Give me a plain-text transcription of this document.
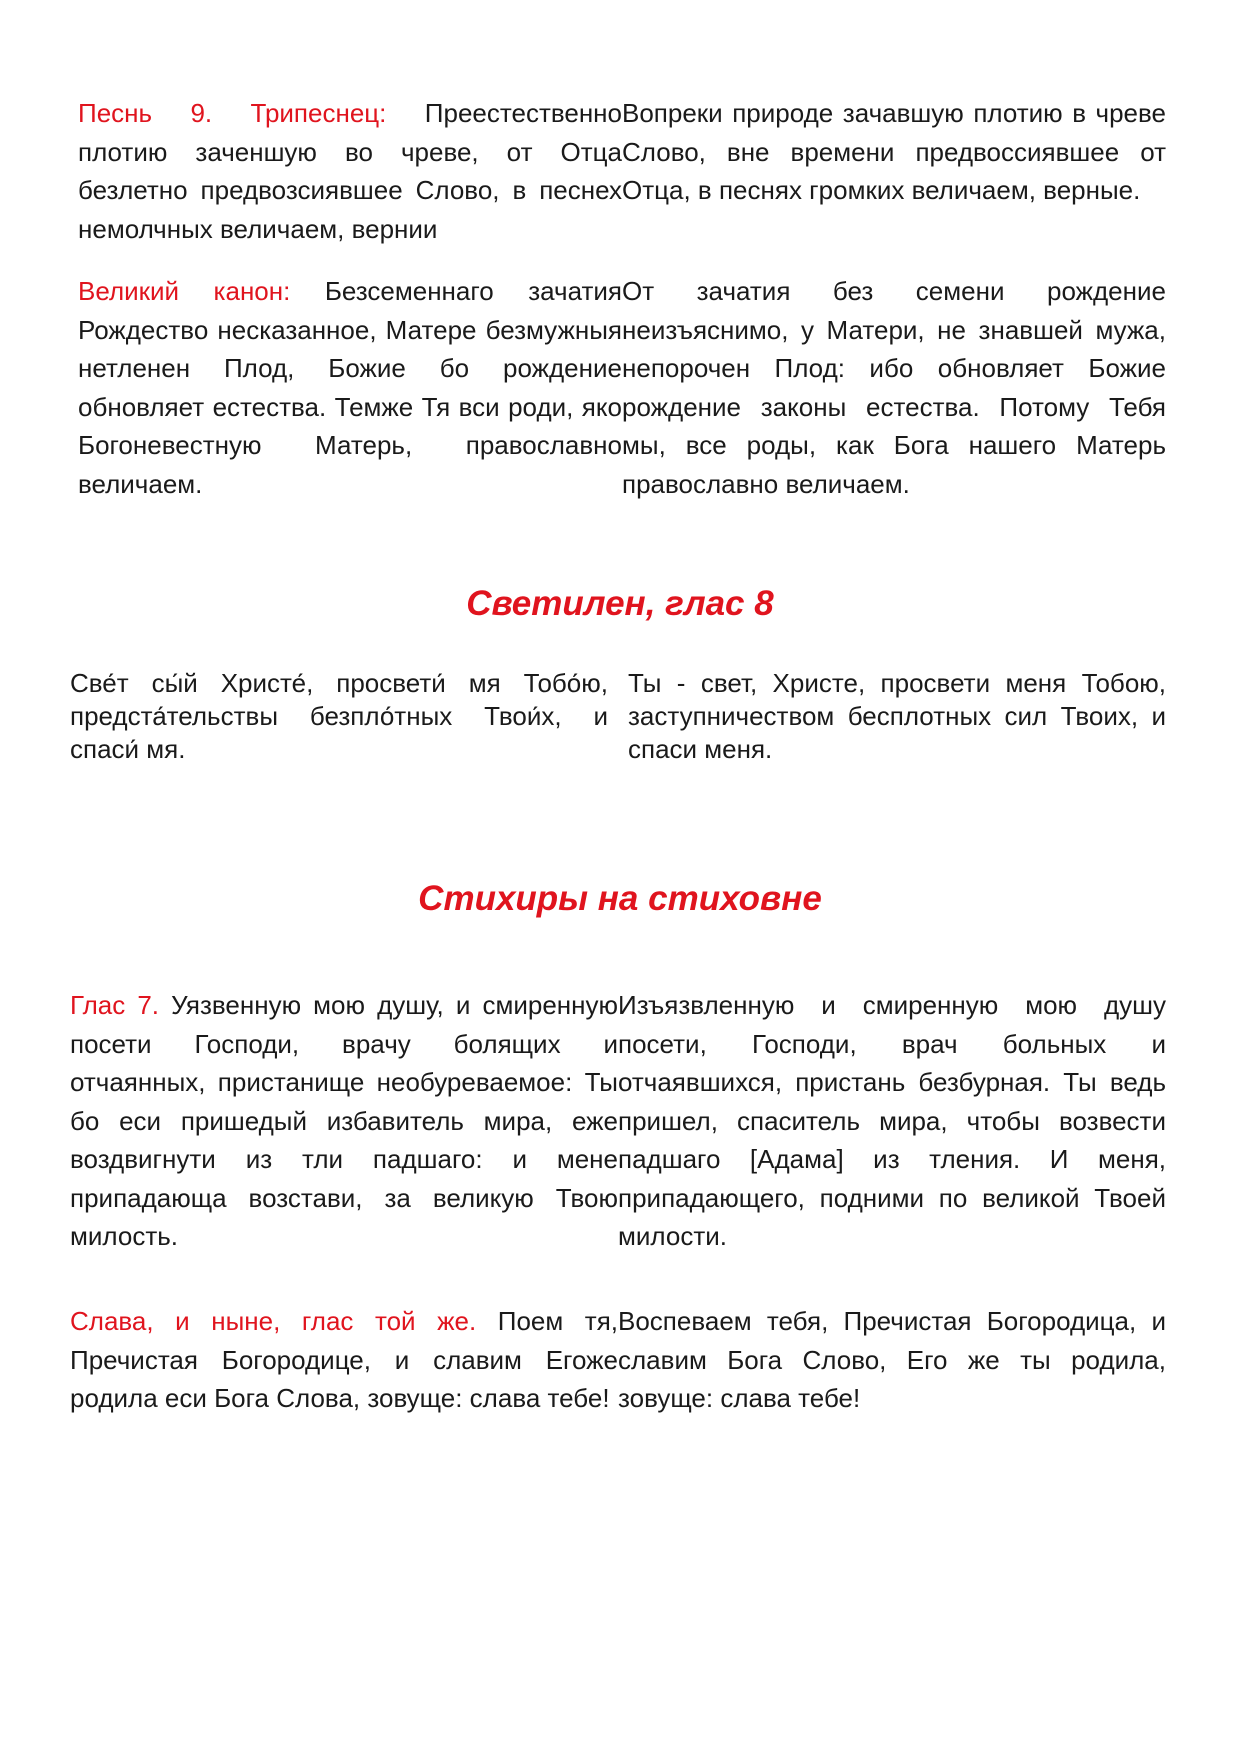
Песнь 9. Трипеснец: Преестественно плотию заченшую во чреве, от Отца безлетно предвозсиявшее Слово, в песнех немолчных величаем, вернии

Вопреки природе зачавшую плотию в чреве Слово, вне времени предвоссиявшее от Отца, в песнях громких величаем, верные.

Великий канон: Безсеменнаго зачатия Рождество несказанное, Матере безмужныя нетленен Плод, Божие бо рождение обновляет естества. Темже Тя вси роди, яко Богоневестную Матерь, православно величаем.

От зачатия без семени рождение неизъяснимо, у Матери, не знавшей мужа, непорочен Плод: ибо обновляет Божие рождение законы естества. Потому Тебя мы, все роды, как Бога нашего Матерь православно величаем.

Светилен, глас 8

Све́т сы́й Христе́, просвети́ мя Тобо́ю, предста́тельствы безпло́тных Твои́х, и спаси́ мя.

Ты - свет, Христе, просвети меня Тобою, заступничеством бесплотных сил Твоих, и спаси меня.

Стихиры на стиховне

Глас 7. Уязвенную мою душу, и смиренную посети Господи, врачу болящих и отчаянных, пристанище необуреваемое: Ты бо еси пришедый избавитель мира, еже воздвигнути из тли падшаго: и мене припадающа возстави, за великую Твою милость.

Изъязвленную и смиренную мою душу посети, Господи, врач больных и отчаявшихся, пристань безбурная. Ты ведь пришел, спаситель мира, чтобы возвести падшаго [Адама] из тления. И меня, припадающего, подними по великой Твоей милости.

Слава, и ныне, глас той же. Поем тя, Пречистая Богородице, и славим Егоже родила еси Бога Слова, зовуще: слава тебе!

Воспеваем тебя, Пречистая Богородица, и славим Бога Слово, Его же ты родила, зовуще: слава тебе!
